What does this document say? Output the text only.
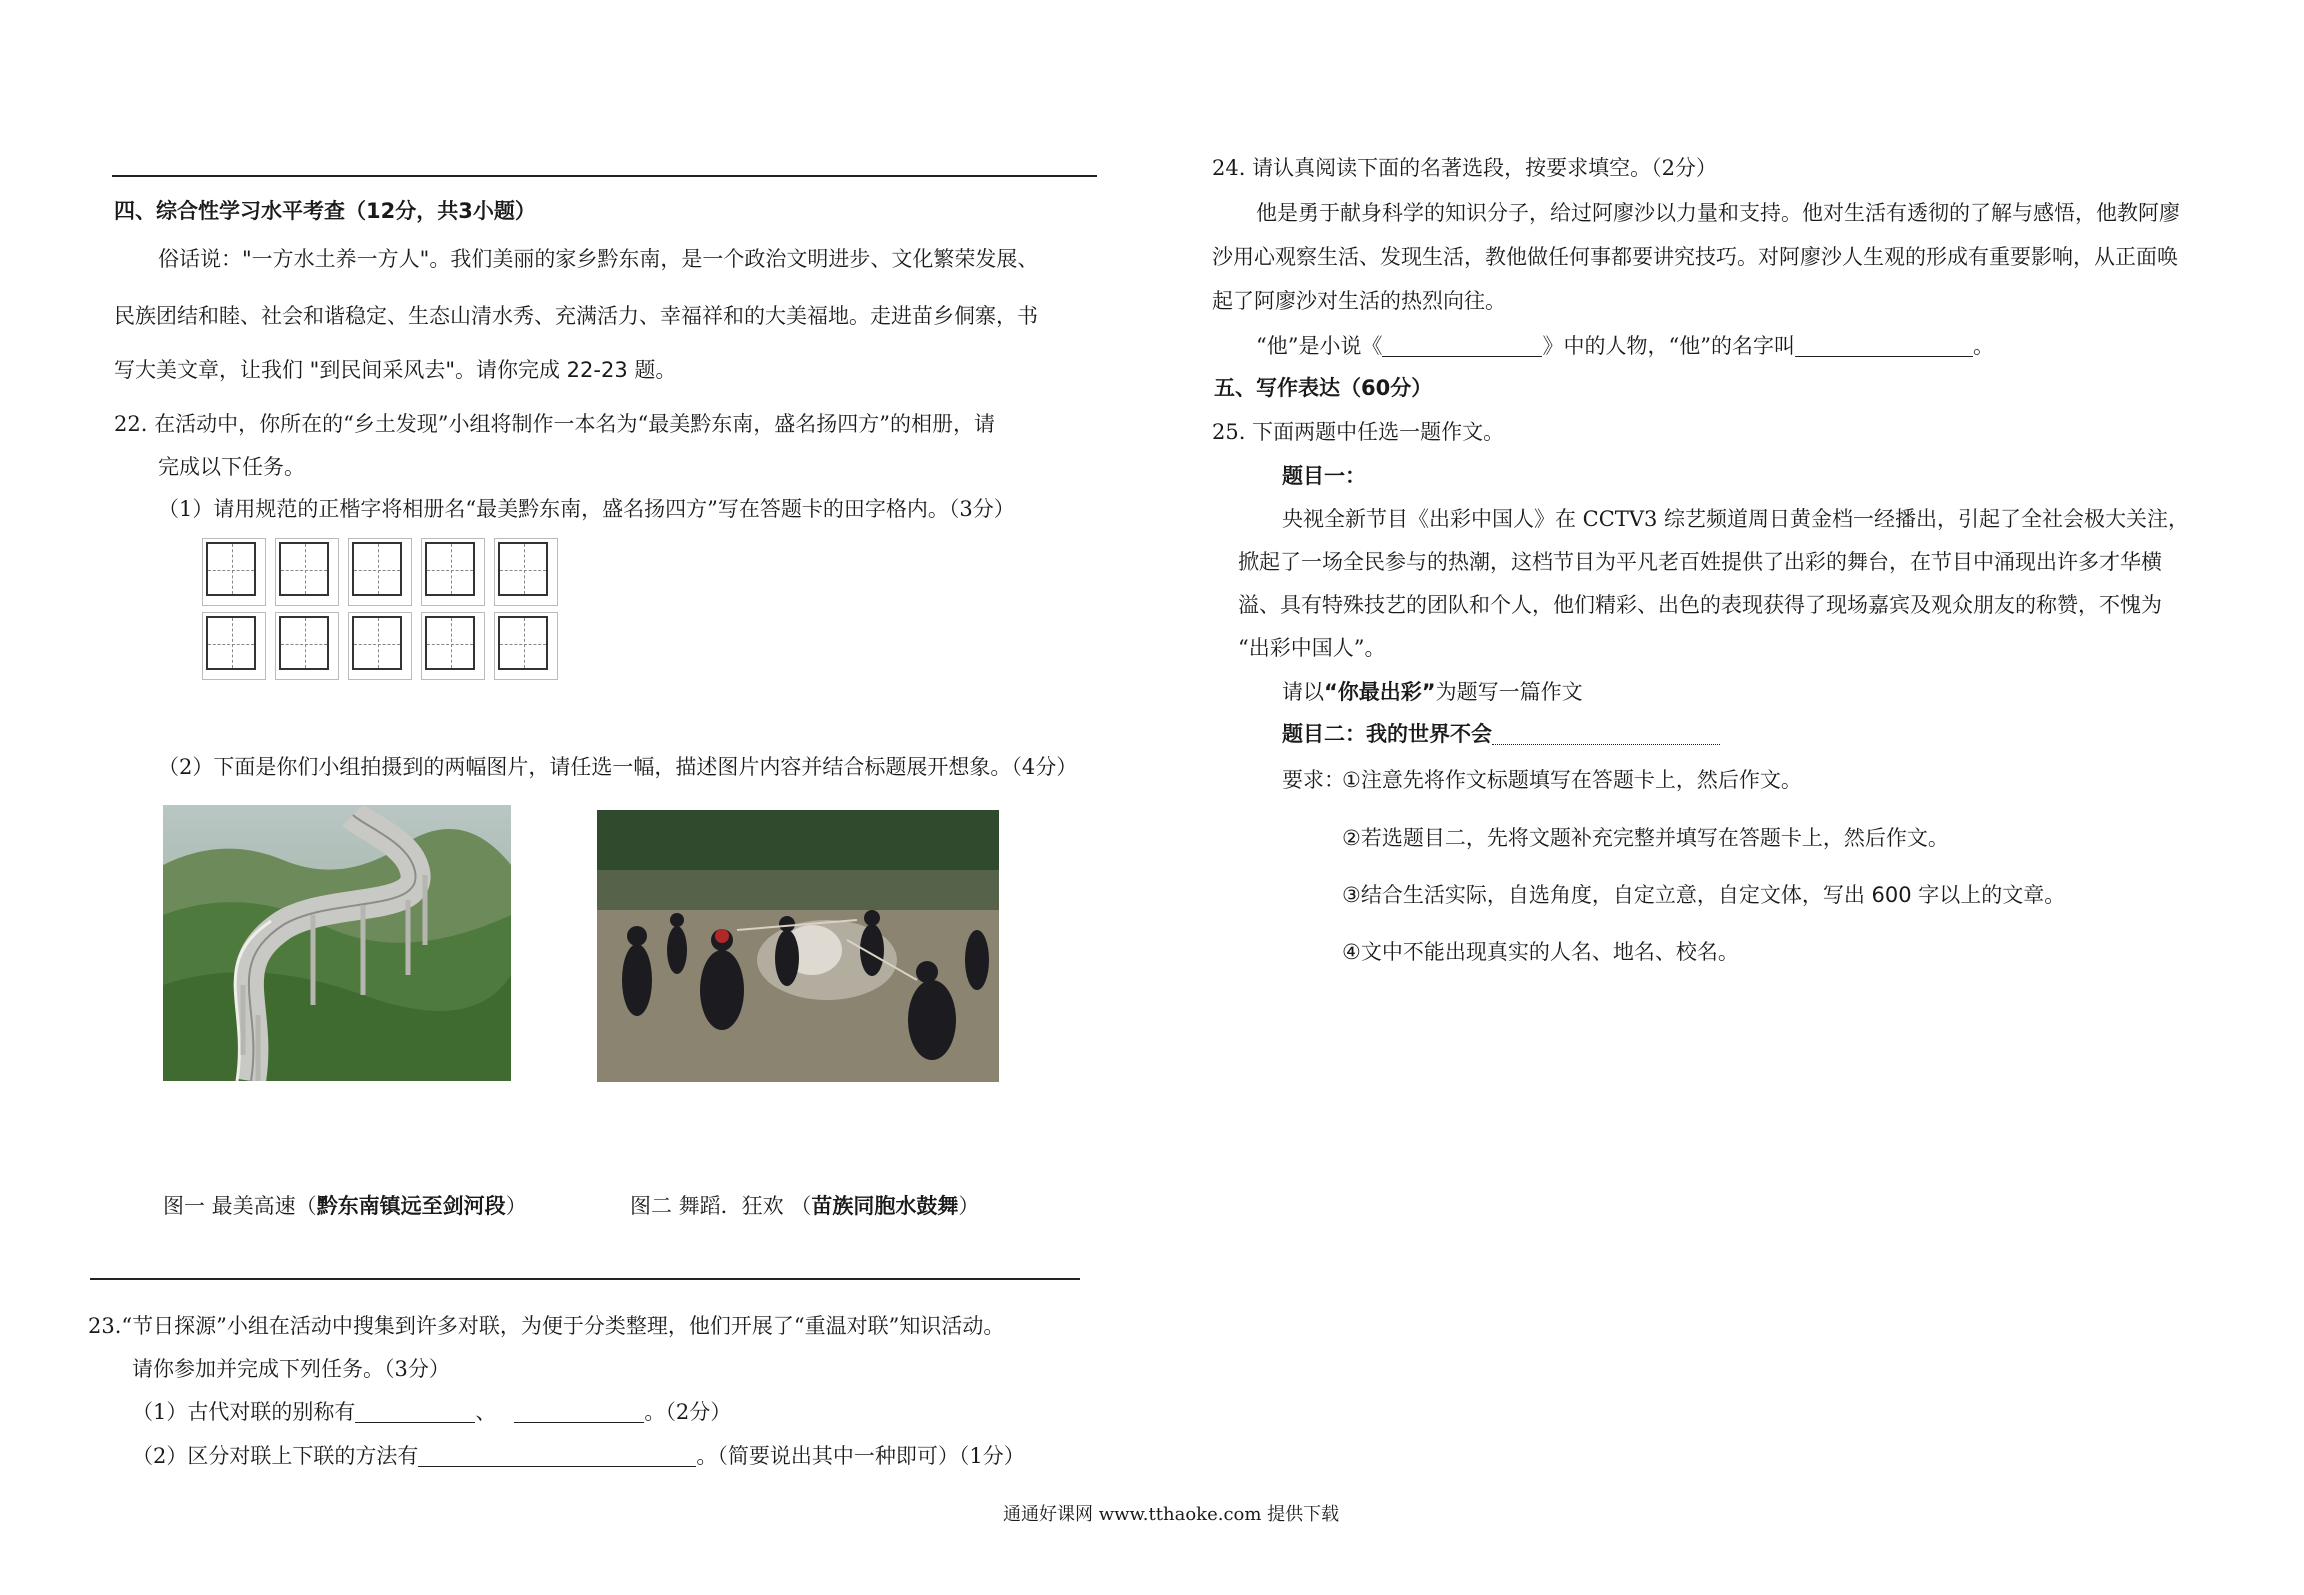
四、综合性学习水平考查（12分，共3小题）
俗话说："一方水土养一方人"。我们美丽的家乡黔东南，是一个政治文明进步、文化繁荣发展、
民族团结和睦、社会和谐稳定、生态山清水秀、充满活力、幸福祥和的大美福地。走进苗乡侗寨，书
写大美文章，让我们 "到民间采风去"。请你完成 22-23 题。
22. 在活动中，你所在的“乡土发现”小组将制作一本名为“最美黔东南，盛名扬四方”的相册，请
完成以下任务。
（1）请用规范的正楷字将相册名“最美黔东南，盛名扬四方”写在答题卡的田字格内。（3分）
（2）下面是你们小组拍摄到的两幅图片，请任选一幅，描述图片内容并结合标题展开想象。（4分）
图一 最美高速（黔东南镇远至剑河段）	图二 舞蹈．狂欢 （苗族同胞水鼓舞）
23.“节日探源”小组在活动中搜集到许多对联，为便于分类整理，他们开展了“重温对联”知识活动。
请你参加并完成下列任务。（3分）
（1）古代对联的别称有	、	。（2分）
（2）区分对联上下联的方法有	。（简要说出其中一种即可）（1分）
24. 请认真阅读下面的名著选段，按要求填空。（2分）
他是勇于献身科学的知识分子，给过阿廖沙以力量和支持。他对生活有透彻的了解与感悟，他教阿廖
沙用心观察生活、发现生活，教他做任何事都要讲究技巧。对阿廖沙人生观的形成有重要影响，从正面唤
起了阿廖沙对生活的热烈向往。
“他”是小说《	》中的人物，“他”的名字叫	。
五、写作表达（60分）
25. 下面两题中任选一题作文。
题目一：
央视全新节目《出彩中国人》在 CCTV3 综艺频道周日黄金档一经播出，引起了全社会极大关注，
掀起了一场全民参与的热潮，这档节目为平凡老百姓提供了出彩的舞台，在节目中涌现出许多才华横
溢、具有特殊技艺的团队和个人，他们精彩、出色的表现获得了现场嘉宾及观众朋友的称赞，不愧为
“出彩中国人”。
请以“你最出彩”为题写一篇作文
题目二：我的世界不会
要求：
①注意先将作文标题填写在答题卡上，然后作文。
②若选题目二，先将文题补充完整并填写在答题卡上，然后作文。
③结合生活实际，自选角度，自定立意，自定文体，写出 600 字以上的文章。
④文中不能出现真实的人名、地名、校名。
通通好课网 www.tthaoke.com 提供下载
